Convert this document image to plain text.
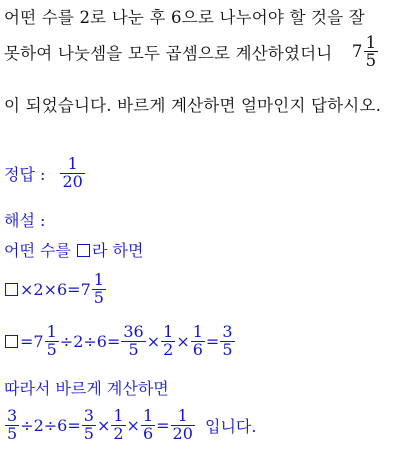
어떤 수를 2로 나눈 후 6으로 나누어야 할 것을 잘
못하여 나눗셈을 모두 곱셈으로 계산하였더니 $7 \frac{1}{5}$
이 되었습니다. 바르게 계산하면 얼마인지 답하시오.
정답 : $\frac{1}{20}$
해설 :
어떤 수를 라 하면
$\times 2\times 6=7 \frac{1}{5}$
$=7 \frac{1}{5} \div 2\div 6= \frac{36}{5} \times \frac{1}{2} \times \frac{1}{6} = \frac{3}{5}$
따라서 바르게 계산하면
$\frac{3}{5} \div 2\div 6= \frac{3}{5} \times \frac{1}{2} \times \frac{1}{6} = \frac{1}{20}$ 입니다.
